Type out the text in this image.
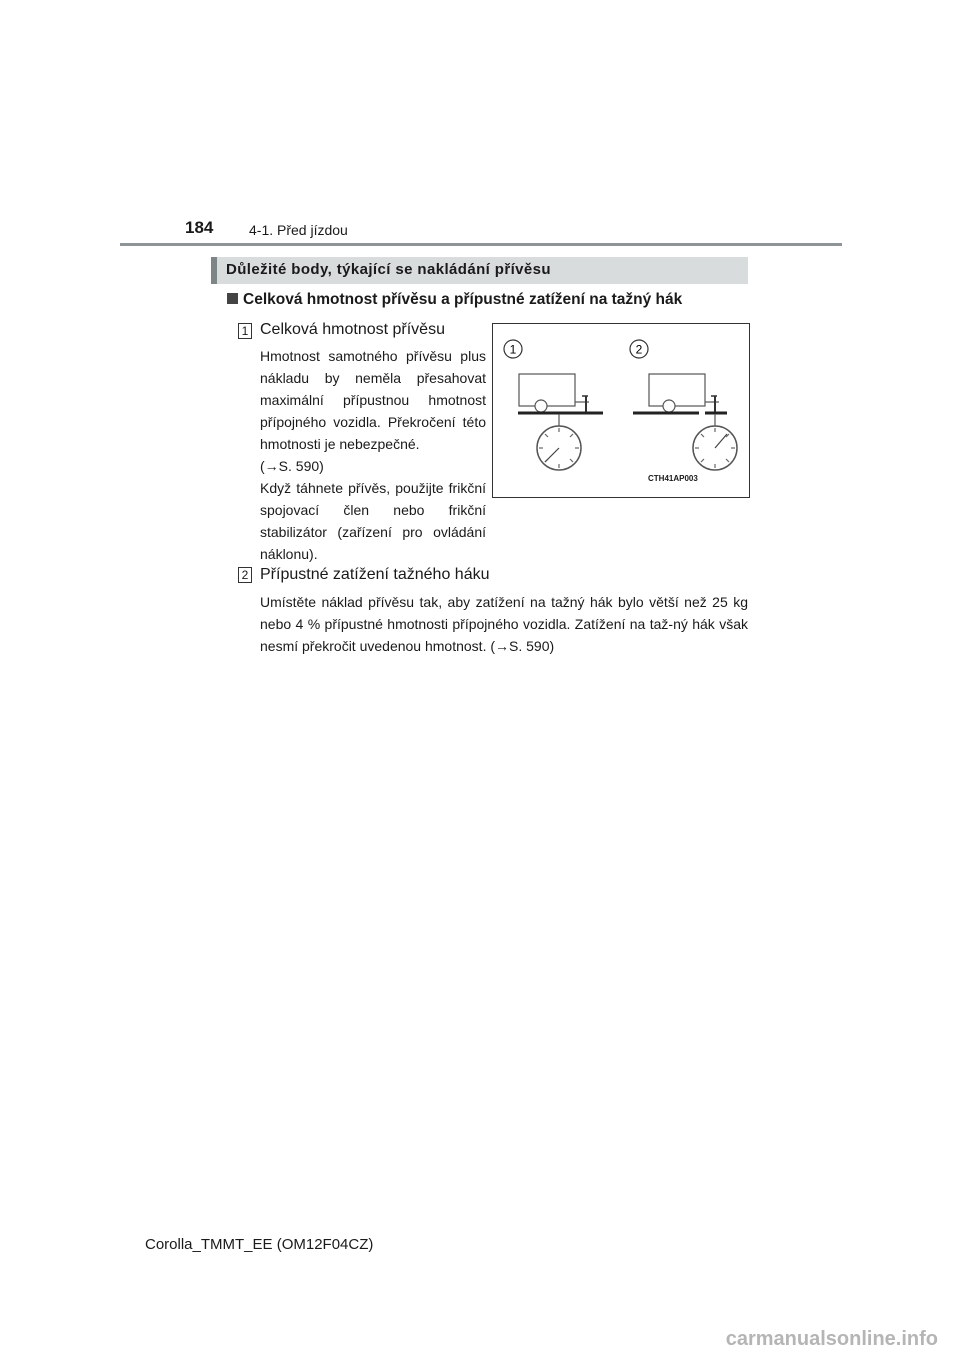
184	4-1. Před jízdou
Důležité body, týkající se nakládání přívěsu
Celková hmotnost přívěsu a přípustné zatížení na tažný hák
1 Celková hmotnost přívěsu

Hmotnost samotného přívěsu plus nákladu by neměla přesahovat maximální přípustnou hmotnost přípojného vozidla. Překročení této hmotnosti je nebezpečné.

(→S. 590)

Když táhnete přívěs, použijte frikční spojovací člen nebo frikční stabilizátor (zařízení pro ovládání náklonu).

1	2
CTH41AP003
2 Přípustné zatížení tažného háku

Umístěte náklad přívěsu tak, aby zatížení na tažný hák bylo větší než 25 kg nebo 4 % přípustné hmotnosti přípojného vozidla. Zatížení na taž-ný hák však nesmí překročit uvedenou hmotnost. (→S. 590)

Corolla_TMMT_EE (OM12F04CZ)
carmanualsonline.info
